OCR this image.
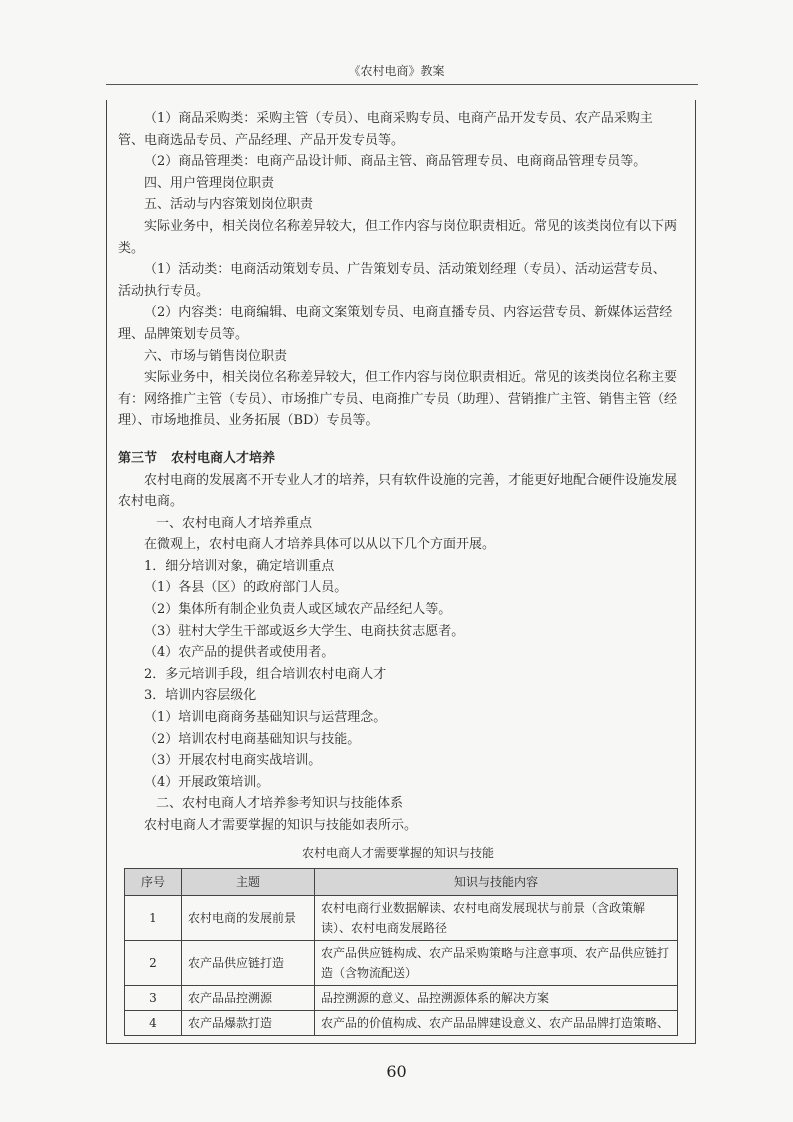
《农村电商》教案

（1）商品采购类：采购主管（专员）、电商采购专员、电商产品开发专员、农产品采购主管、电商选品专员、产品经理、产品开发专员等。

（2）商品管理类：电商产品设计师、商品主管、商品管理专员、电商商品管理专员等。

四、用户管理岗位职责

五、活动与内容策划岗位职责

实际业务中，相关岗位名称差异较大，但工作内容与岗位职责相近。常见的该类岗位有以下两类。

（1）活动类：电商活动策划专员、广告策划专员、活动策划经理（专员）、活动运营专员、活动执行专员。

（2）内容类：电商编辑、电商文案策划专员、电商直播专员、内容运营专员、新媒体运营经理、品牌策划专员等。

六、市场与销售岗位职责

实际业务中，相关岗位名称差异较大，但工作内容与岗位职责相近。常见的该类岗位名称主要有：网络推广主管（专员）、市场推广专员、电商推广专员（助理）、营销推广主管、销售主管（经理）、市场地推员、业务拓展（BD）专员等。

第三节 农村电商人才培养

农村电商的发展离不开专业人才的培养，只有软件设施的完善，才能更好地配合硬件设施发展农村电商。

一、农村电商人才培养重点

在微观上，农村电商人才培养具体可以从以下几个方面开展。

1．细分培训对象，确定培训重点

（1）各县（区）的政府部门人员。

（2）集体所有制企业负责人或区域农产品经纪人等。

（3）驻村大学生干部或返乡大学生、电商扶贫志愿者。

（4）农产品的提供者或使用者。

2．多元培训手段，组合培训农村电商人才

3．培训内容层级化

（1）培训电商商务基础知识与运营理念。

（2）培训农村电商基础知识与技能。

（3）开展农村电商实战培训。

（4）开展政策培训。

二、农村电商人才培养参考知识与技能体系

农村电商人才需要掌握的知识与技能如表所示。

农村电商人才需要掌握的知识与技能

序号	主题	知识与技能内容
1	农村电商的发展前景	农村电商行业数据解读、农村电商发展现状与前景（含政策解读）、农村电商发展路径
2	农产品供应链打造	农产品供应链构成、农产品采购策略与注意事项、农产品供应链打造（含物流配送）
3	农产品品控溯源	品控溯源的意义、品控溯源体系的解决方案
4	农产品爆款打造	农产品的价值构成、农产品品牌建设意义、农产品品牌打造策略、
60
